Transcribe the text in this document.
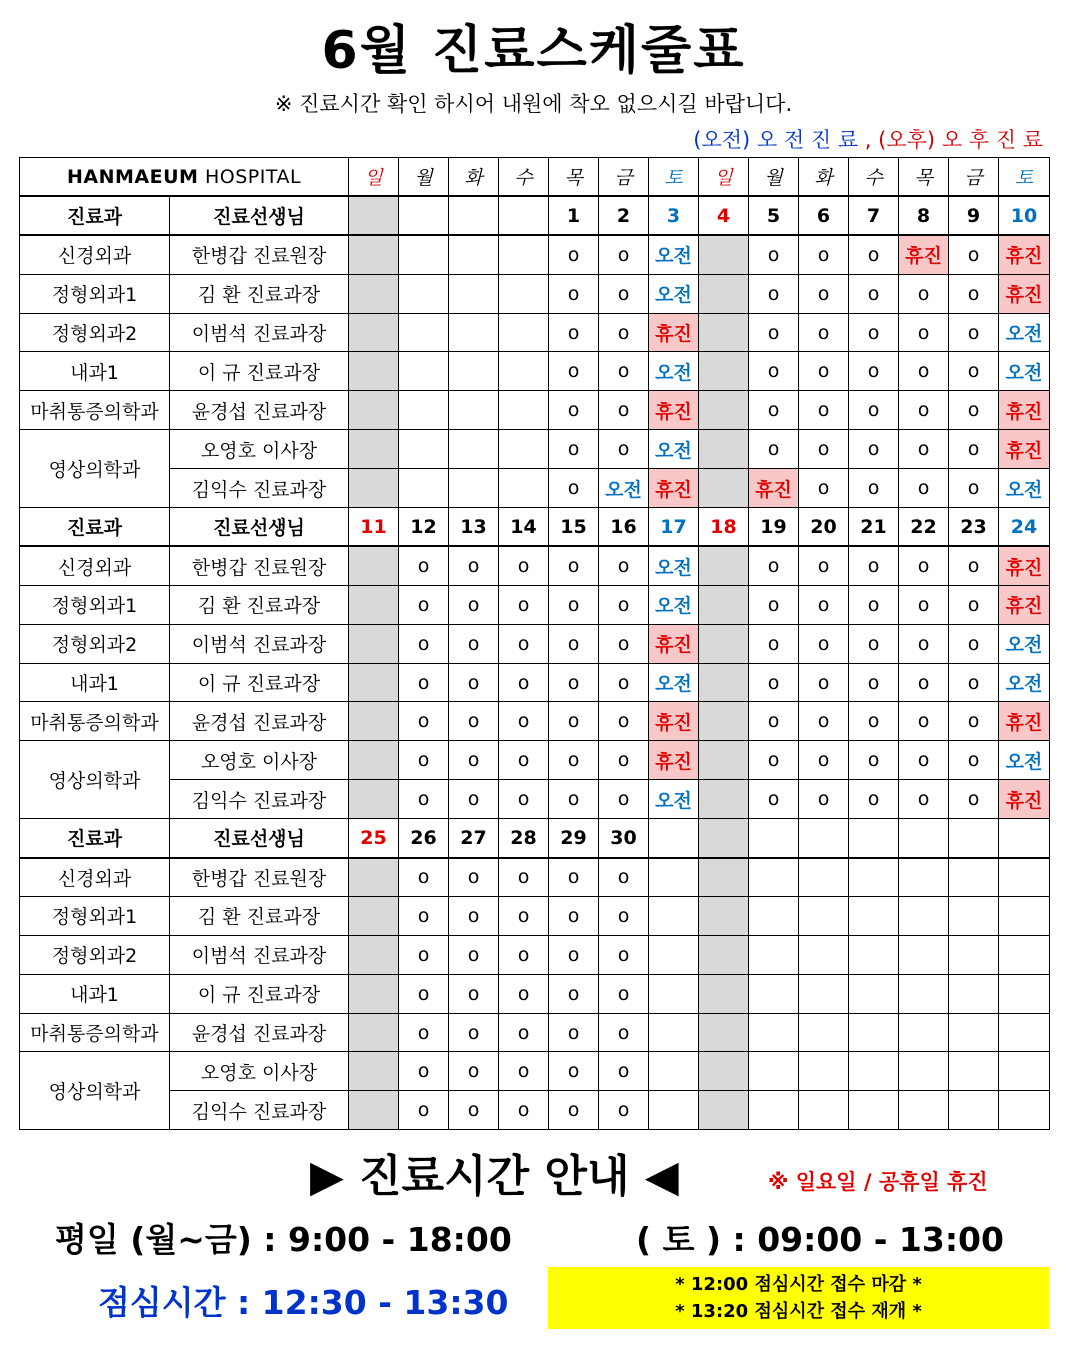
6월 진료스케줄표
※ 진료시간 확인 하시어 내원에 착오 없으시길 바랍니다.
(오전) 오 전 진 료 , (오후) 오 후 진 료
HANMAEUM HOSPITAL		일	월	화	수	목	금	토	일	월	화	수	목	금	토
진료과	진료선생님					1	2	3	4	5	6	7	8	9	10
신경외과	한병갑 진료원장					o	o	오전		o	o	o	휴진	o	휴진
정형외과1	김 환 진료과장					o	o	오전		o	o	o	o	o	휴진
정형외과2	이범석 진료과장					o	o	휴진		o	o	o	o	o	오전
내과1	이 규 진료과장					o	o	오전		o	o	o	o	o	오전
마취통증의학과	윤경섭 진료과장					o	o	휴진		o	o	o	o	o	휴진
영상의학과	오영호 이사장					o	o	오전		o	o	o	o	o	휴진
	김익수 진료과장					o	오전	휴진		휴진	o	o	o	o	오전
진료과	진료선생님	11	12	13	14	15	16	17	18	19	20	21	22	23	24
신경외과	한병갑 진료원장		o	o	o	o	o	오전		o	o	o	o	o	휴진
정형외과1	김 환 진료과장		o	o	o	o	o	오전		o	o	o	o	o	휴진
정형외과2	이범석 진료과장		o	o	o	o	o	휴진		o	o	o	o	o	오전
내과1	이 규 진료과장		o	o	o	o	o	오전		o	o	o	o	o	오전
마취통증의학과	윤경섭 진료과장		o	o	o	o	o	휴진		o	o	o	o	o	휴진
영상의학과	오영호 이사장		o	o	o	o	o	휴진		o	o	o	o	o	오전
	김익수 진료과장		o	o	o	o	o	오전		o	o	o	o	o	휴진
진료과	진료선생님	25	26	27	28	29	30								
신경외과	한병갑 진료원장		o	o	o	o	o								
정형외과1	김 환 진료과장		o	o	o	o	o								
정형외과2	이범석 진료과장		o	o	o	o	o								
내과1	이 규 진료과장		o	o	o	o	o								
마취통증의학과	윤경섭 진료과장		o	o	o	o	o								
영상의학과	오영호 이사장		o	o	o	o	o								
	김익수 진료과장		o	o	o	o	o								
▶ 진료시간 안내 ◀	※ 일요일 / 공휴일 휴진
평일 (월~금) : 9:00 - 18:00	( 토 ) : 09:00 - 13:00
점심시간 : 12:30 - 13:30	* 12:00 점심시간 접수 마감 *
* 13:20 점심시간 접수 재개 *
